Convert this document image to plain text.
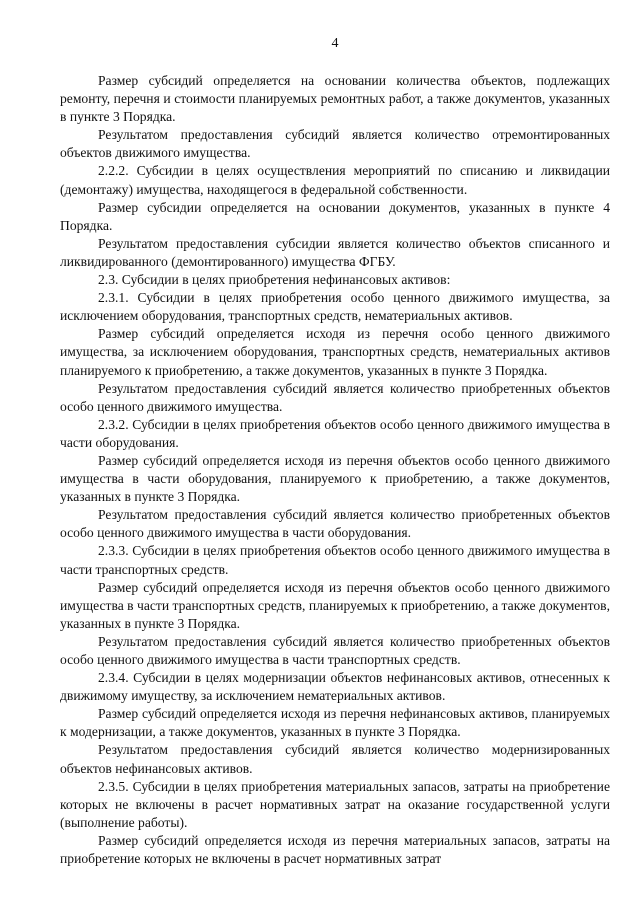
4

Размер субсидий определяется на основании количества объектов, подлежащих ремонту, перечня и стоимости планируемых ремонтных работ, а также документов, указанных в пункте 3 Порядка.

Результатом предоставления субсидий является количество отремонтированных объектов движимого имущества.

2.2.2. Субсидии в целях осуществления мероприятий по списанию и ликвидации (демонтажу) имущества, находящегося в федеральной собственности.

Размер субсидии определяется на основании документов, указанных в пункте 4 Порядка.

Результатом предоставления субсидии является количество объектов списанного и ликвидированного (демонтированного) имущества ФГБУ.

2.3. Субсидии в целях приобретения нефинансовых активов:

2.3.1. Субсидии в целях приобретения особо ценного движимого имущества, за исключением оборудования, транспортных средств, нематериальных активов.

Размер субсидий определяется исходя из перечня особо ценного движимого имущества, за исключением оборудования, транспортных средств, нематериальных активов планируемого к приобретению, а также документов, указанных в пункте 3 Порядка.

Результатом предоставления субсидий является количество приобретенных объектов особо ценного движимого имущества.

2.3.2. Субсидии в целях приобретения объектов особо ценного движимого имущества в части оборудования.

Размер субсидий определяется исходя из перечня объектов особо ценного движимого имущества в части оборудования, планируемого к приобретению, а также документов, указанных в пункте 3 Порядка.

Результатом предоставления субсидий является количество приобретенных объектов особо ценного движимого имущества в части оборудования.

2.3.3. Субсидии в целях приобретения объектов особо ценного движимого имущества в части транспортных средств.

Размер субсидий определяется исходя из перечня объектов особо ценного движимого имущества в части транспортных средств, планируемых к приобретению, а также документов, указанных в пункте 3 Порядка.

Результатом предоставления субсидий является количество приобретенных объектов особо ценного движимого имущества в части транспортных средств.

2.3.4. Субсидии в целях модернизации объектов нефинансовых активов, отнесенных к движимому имуществу, за исключением нематериальных активов.

Размер субсидий определяется исходя из перечня нефинансовых активов, планируемых к модернизации, а также документов, указанных в пункте 3 Порядка.

Результатом предоставления субсидий является количество модернизированных объектов нефинансовых активов.

2.3.5. Субсидии в целях приобретения материальных запасов, затраты на приобретение которых не включены в расчет нормативных затрат на оказание государственной услуги (выполнение работы).

Размер субсидий определяется исходя из перечня материальных запасов, затраты на приобретение которых не включены в расчет нормативных затрат
